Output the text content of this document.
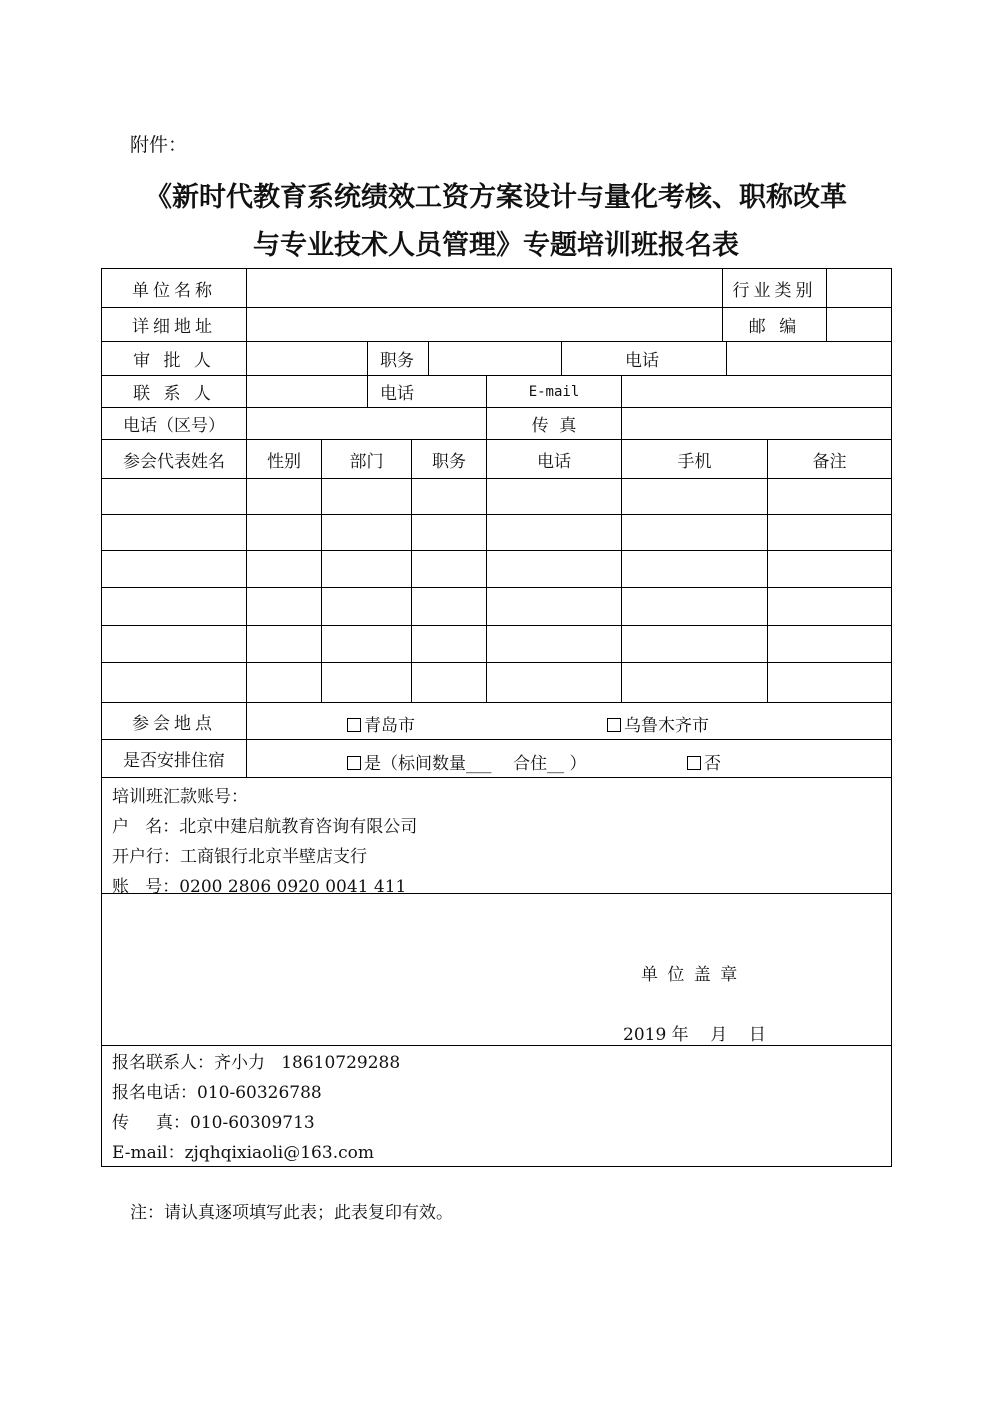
附件：
《新时代教育系统绩效工资方案设计与量化考核、职称改革
与专业技术人员管理》专题培训班报名表
单位名称	行业类别
详细地址	邮 编
审 批 人	职务	电话
联 系 人	电话	E-mail
电话（区号）	传  真
参会代表姓名	性别	部门	职务	电话	手机	备注
参会地点	青岛市	乌鲁木齐市
是否安排住宿	是（标间数量___    合住__ ）	否
培训班汇款账号：
户   名：北京中建启航教育咨询有限公司
开户行：工商银行北京半壁店支行
账   号：0200 2806 0920 0041 411
单 位 盖 章
2019 年    月    日
报名联系人：齐小力   18610729288
报名电话：010-60326788
传     真：010-60309713
E-mail：zjqhqixiaoli@163.com
注：请认真逐项填写此表；此表复印有效。
